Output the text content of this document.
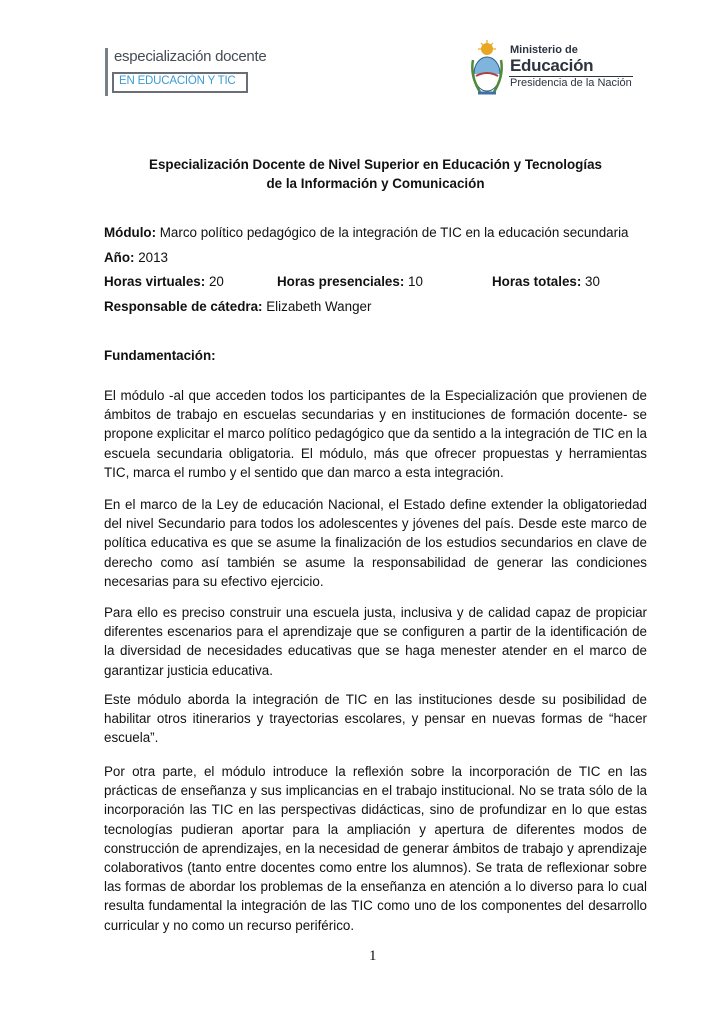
especialización docente
EN EDUCACIÓN Y TIC
Ministerio de
Educación
Presidencia de la Nación
Especialización Docente de Nivel Superior en Educación y Tecnologías
de la Información y Comunicación
Módulo: Marco político pedagógico de la integración de TIC en la educación secundaria
Año: 2013
Horas virtuales: 20	Horas presenciales: 10	Horas totales: 30
Responsable de cátedra: Elizabeth Wanger
Fundamentación:
El módulo -al que acceden todos los participantes de la Especialización que provienen de ámbitos de trabajo en escuelas secundarias y en instituciones de formación docente- se propone explicitar el marco político pedagógico que da sentido a la integración de TIC en la escuela secundaria obligatoria. El módulo, más que ofrecer propuestas y herramientas TIC, marca el rumbo y el sentido que dan marco a esta integración.
En el marco de la Ley de educación Nacional, el Estado define extender la obligatoriedad del nivel Secundario para todos los adolescentes y jóvenes del país. Desde este marco de política educativa es que se asume la finalización de los estudios secundarios en clave de derecho como así también se asume la responsabilidad de generar las condiciones necesarias para su efectivo ejercicio.
Para ello es preciso construir una escuela justa, inclusiva y de calidad capaz de propiciar diferentes escenarios para el aprendizaje que se configuren a partir de la identificación de la diversidad de necesidades educativas que se haga menester atender en el marco de garantizar justicia educativa.
Este módulo aborda la integración de TIC en las instituciones desde su posibilidad de habilitar otros itinerarios y trayectorias escolares, y pensar en nuevas formas de “hacer escuela”.
Por otra parte, el módulo introduce la reflexión sobre la incorporación de TIC en las prácticas de enseñanza y sus implicancias en el trabajo institucional. No se trata sólo de la incorporación las TIC en las perspectivas didácticas, sino de profundizar en lo que estas tecnologías pudieran aportar para la ampliación y apertura de diferentes modos de construcción de aprendizajes, en la necesidad de generar ámbitos de trabajo y aprendizaje colaborativos (tanto entre docentes como entre los alumnos). Se trata de reflexionar sobre las formas de abordar los problemas de la enseñanza en atención a lo diverso para lo cual resulta fundamental la integración de las TIC como uno de los componentes del desarrollo curricular y no como un recurso periférico.
1
